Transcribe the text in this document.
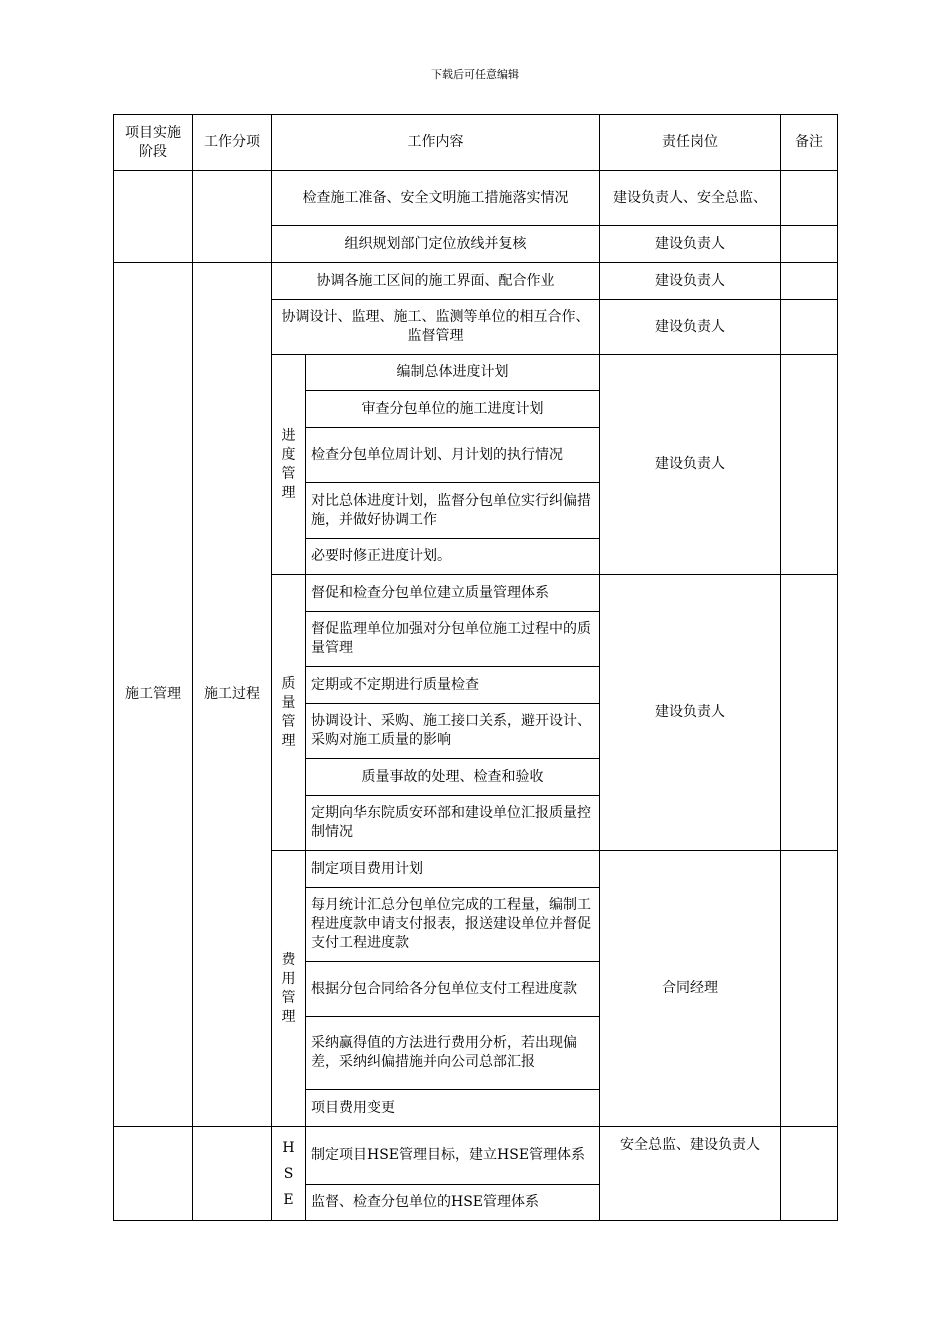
下载后可任意编辑
项目实施阶段	工作分项	工作内容		责任岗位	备注
		检查施工准备、安全文明施工措施落实情况		建设负责人、安全总监、	
		组织规划部门定位放线并复核		建设负责人	
施工管理	施工过程	协调各施工区间的施工界面、配合作业		建设负责人	
		协调设计、监理、施工、监测等单位的相互合作、监督管理		建设负责人	

		进
度
管
理	编制总体进度计划	建设负责人	
			审查分包单位的施工进度计划		
			检查分包单位周计划、月计划的执行情况		
			对比总体进度计划，监督分包单位实行纠偏措施，并做好协调工作		
			必要时修正进度计划。		

		质
量
管
理	督促和检查分包单位建立质量管理体系	建设负责人	
			督促监理单位加强对分包单位施工过程中的质量管理		
			定期或不定期进行质量检查		
			协调设计、采购、施工接口关系，避开设计、采购对施工质量的影响		
			质量事故的处理、检查和验收		
			定期向华东院质安环部和建设单位汇报质量控制情况		

		费
用
管
理	制定项目费用计划	合同经理	
			每月统计汇总分包单位完成的工程量，编制工程进度款申请支付报表，报送建设单位并督促支付工程进度款		
			根据分包合同给各分包单位支付工程进度款		
			采纳赢得值的方法进行费用分析，若出现偏差，采纳纠偏措施并向公司总部汇报		
			项目费用变更		

		H
S
E	制定项目HSE管理目标，建立HSE管理体系	安全总监、建设负责人	
			监督、检查分包单位的HSE管理体系		
